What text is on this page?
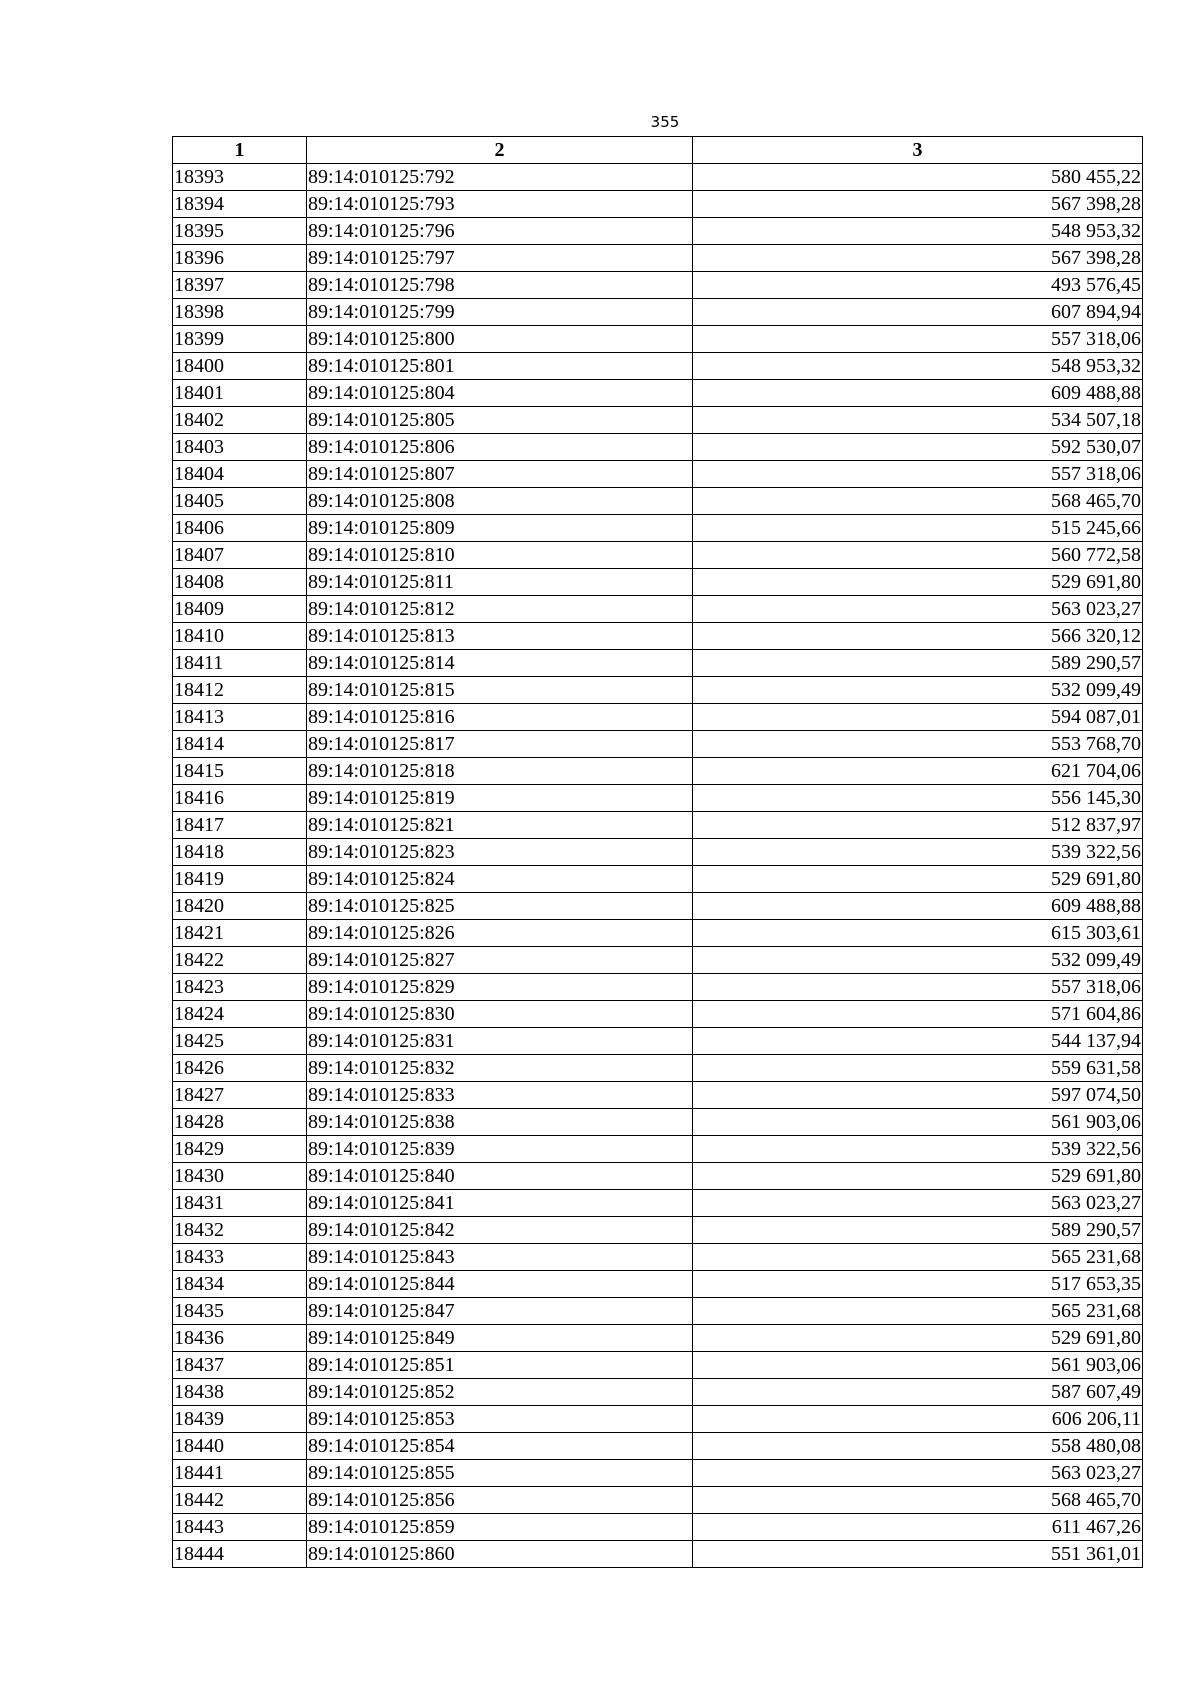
355
1	2	3
18393	89:14:010125:792	580 455,22
18394	89:14:010125:793	567 398,28
18395	89:14:010125:796	548 953,32
18396	89:14:010125:797	567 398,28
18397	89:14:010125:798	493 576,45
18398	89:14:010125:799	607 894,94
18399	89:14:010125:800	557 318,06
18400	89:14:010125:801	548 953,32
18401	89:14:010125:804	609 488,88
18402	89:14:010125:805	534 507,18
18403	89:14:010125:806	592 530,07
18404	89:14:010125:807	557 318,06
18405	89:14:010125:808	568 465,70
18406	89:14:010125:809	515 245,66
18407	89:14:010125:810	560 772,58
18408	89:14:010125:811	529 691,80
18409	89:14:010125:812	563 023,27
18410	89:14:010125:813	566 320,12
18411	89:14:010125:814	589 290,57
18412	89:14:010125:815	532 099,49
18413	89:14:010125:816	594 087,01
18414	89:14:010125:817	553 768,70
18415	89:14:010125:818	621 704,06
18416	89:14:010125:819	556 145,30
18417	89:14:010125:821	512 837,97
18418	89:14:010125:823	539 322,56
18419	89:14:010125:824	529 691,80
18420	89:14:010125:825	609 488,88
18421	89:14:010125:826	615 303,61
18422	89:14:010125:827	532 099,49
18423	89:14:010125:829	557 318,06
18424	89:14:010125:830	571 604,86
18425	89:14:010125:831	544 137,94
18426	89:14:010125:832	559 631,58
18427	89:14:010125:833	597 074,50
18428	89:14:010125:838	561 903,06
18429	89:14:010125:839	539 322,56
18430	89:14:010125:840	529 691,80
18431	89:14:010125:841	563 023,27
18432	89:14:010125:842	589 290,57
18433	89:14:010125:843	565 231,68
18434	89:14:010125:844	517 653,35
18435	89:14:010125:847	565 231,68
18436	89:14:010125:849	529 691,80
18437	89:14:010125:851	561 903,06
18438	89:14:010125:852	587 607,49
18439	89:14:010125:853	606 206,11
18440	89:14:010125:854	558 480,08
18441	89:14:010125:855	563 023,27
18442	89:14:010125:856	568 465,70
18443	89:14:010125:859	611 467,26
18444	89:14:010125:860	551 361,01
